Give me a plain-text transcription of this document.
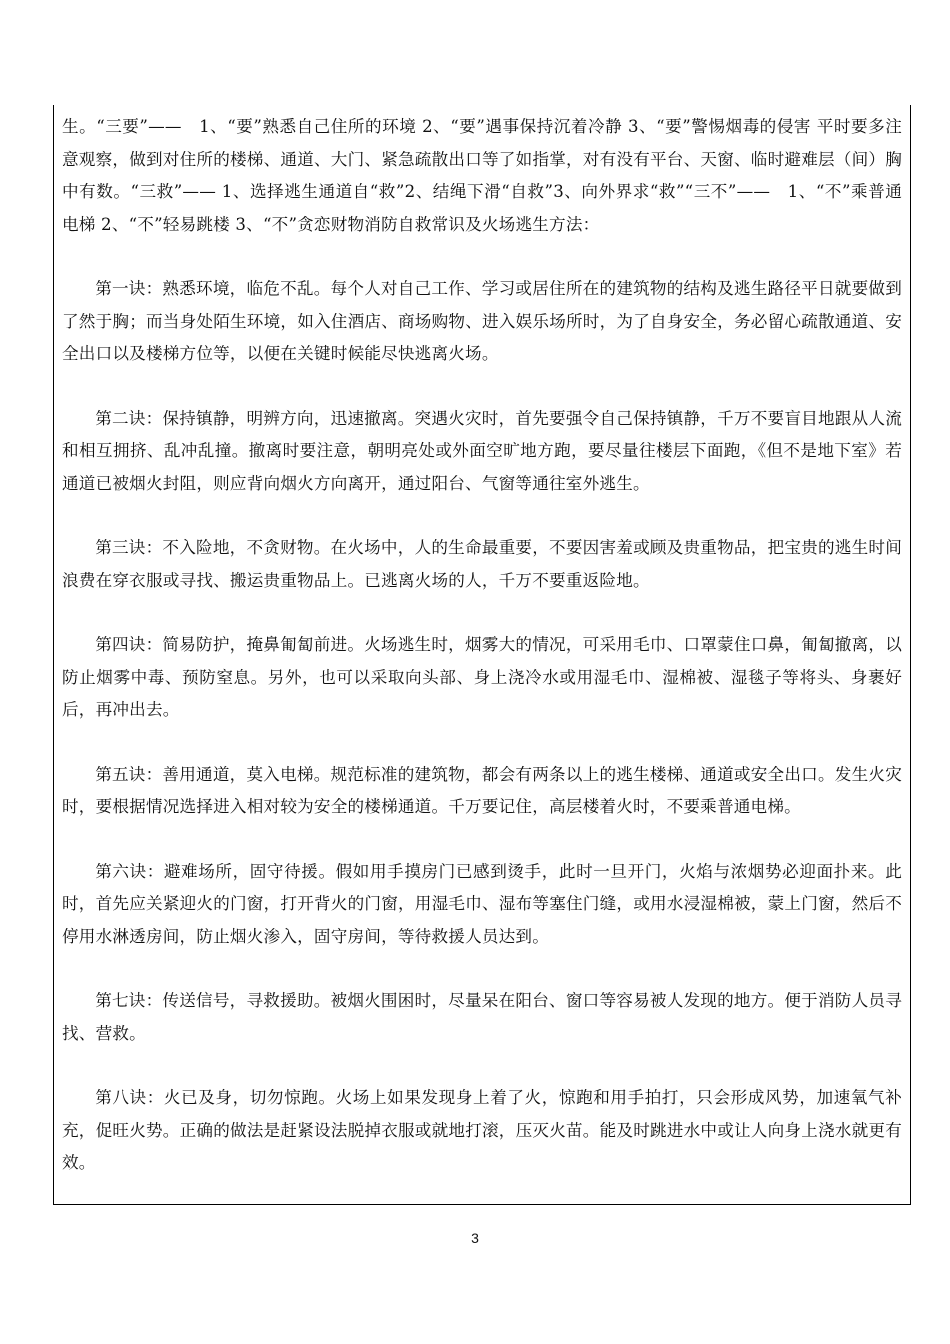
生。“三要”——　1、“要”熟悉自己住所的环境 2、“要”遇事保持沉着冷静 3、“要”警惕烟毒的侵害 平时要多注意观察，做到对住所的楼梯、通道、大门、紧急疏散出口等了如指掌，对有没有平台、天窗、临时避难层（间）胸中有数。“三救”—— 1、选择逃生通道自“救”2、结绳下滑“自救”3、向外界求“救”“三不”——　1、“不”乘普通电梯 2、“不”轻易跳楼 3、“不”贪恋财物消防自救常识及火场逃生方法：

第一诀：熟悉环境，临危不乱。每个人对自己工作、学习或居住所在的建筑物的结构及逃生路径平日就要做到了然于胸；而当身处陌生环境，如入住酒店、商场购物、进入娱乐场所时，为了自身安全，务必留心疏散通道、安全出口以及楼梯方位等，以便在关键时候能尽快逃离火场。

第二诀：保持镇静，明辨方向，迅速撤离。突遇火灾时，首先要强令自己保持镇静，千万不要盲目地跟从人流和相互拥挤、乱冲乱撞。撤离时要注意，朝明亮处或外面空旷地方跑，要尽量往楼层下面跑，《但不是地下室》若通道已被烟火封阻，则应背向烟火方向离开，通过阳台、气窗等通往室外逃生。

第三诀：不入险地，不贪财物。在火场中，人的生命最重要，不要因害羞或顾及贵重物品，把宝贵的逃生时间浪费在穿衣服或寻找、搬运贵重物品上。已逃离火场的人，千万不要重返险地。

第四诀：简易防护，掩鼻匍匐前进。火场逃生时，烟雾大的情况，可采用毛巾、口罩蒙住口鼻，匍匐撤离，以防止烟雾中毒、预防窒息。另外，也可以采取向头部、身上浇冷水或用湿毛巾、湿棉被、湿毯子等将头、身裹好后，再冲出去。

第五诀：善用通道，莫入电梯。规范标准的建筑物，都会有两条以上的逃生楼梯、通道或安全出口。发生火灾时，要根据情况选择进入相对较为安全的楼梯通道。千万要记住，高层楼着火时，不要乘普通电梯。

第六诀：避难场所，固守待援。假如用手摸房门已感到烫手，此时一旦开门，火焰与浓烟势必迎面扑来。此时，首先应关紧迎火的门窗，打开背火的门窗，用湿毛巾、湿布等塞住门缝，或用水浸湿棉被，蒙上门窗，然后不停用水淋透房间，防止烟火渗入，固守房间，等待救援人员达到。

第七诀：传送信号，寻救援助。被烟火围困时，尽量呆在阳台、窗口等容易被人发现的地方。便于消防人员寻找、营救。

第八诀：火已及身，切勿惊跑。火场上如果发现身上着了火，惊跑和用手拍打，只会形成风势，加速氧气补充，促旺火势。正确的做法是赶紧设法脱掉衣服或就地打滚，压灭火苗。能及时跳进水中或让人向身上浇水就更有效。

3
